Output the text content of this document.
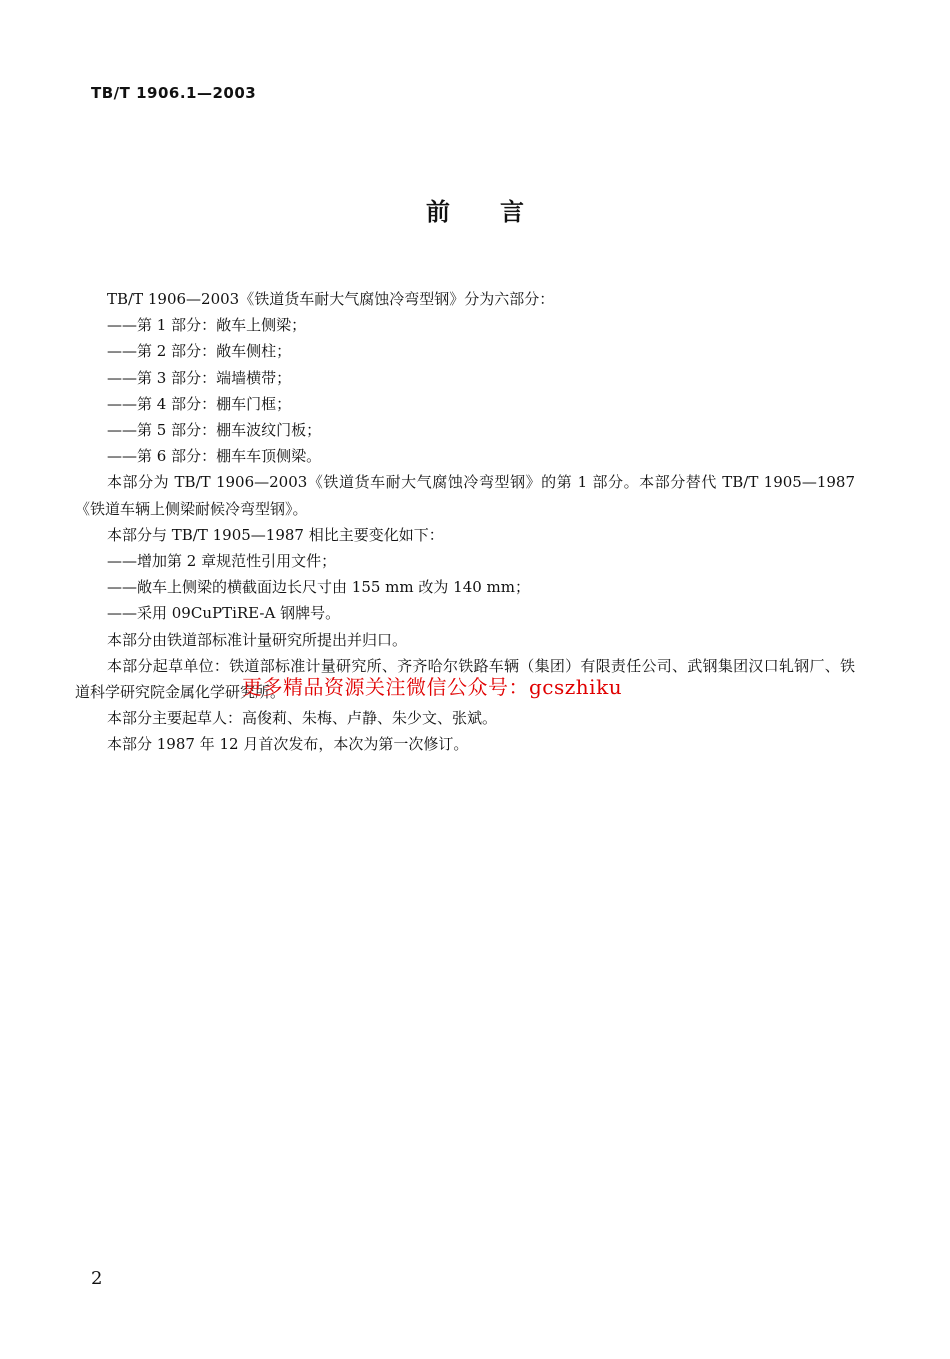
TB/T 1906.1—2003
前言

TB/T 1906—2003《铁道货车耐大气腐蚀冷弯型钢》分为六部分：

——第 1 部分：敞车上侧梁；

——第 2 部分：敞车侧柱；

——第 3 部分：端墙横带；

——第 4 部分：棚车门框；

——第 5 部分：棚车波纹门板；

——第 6 部分：棚车车顶侧梁。

本部分为 TB/T 1906—2003《铁道货车耐大气腐蚀冷弯型钢》的第 1 部分。本部分替代 TB/T 1905—1987《铁道车辆上侧梁耐候冷弯型钢》。

本部分与 TB/T 1905—1987 相比主要变化如下：

——增加第 2 章规范性引用文件；

——敞车上侧梁的横截面边长尺寸由 155 mm 改为 140 mm；

——采用 09CuPTiRE-A 钢牌号。

本部分由铁道部标准计量研究所提出并归口。

本部分起草单位：铁道部标准计量研究所、齐齐哈尔铁路车辆（集团）有限责任公司、武钢集团汉口轧钢厂、铁道科学研究院金属化学研究所。

本部分主要起草人：高俊莉、朱梅、卢静、朱少文、张斌。

本部分 1987 年 12 月首次发布，本次为第一次修订。

更多精品资源关注微信公众号：gcszhiku
2
